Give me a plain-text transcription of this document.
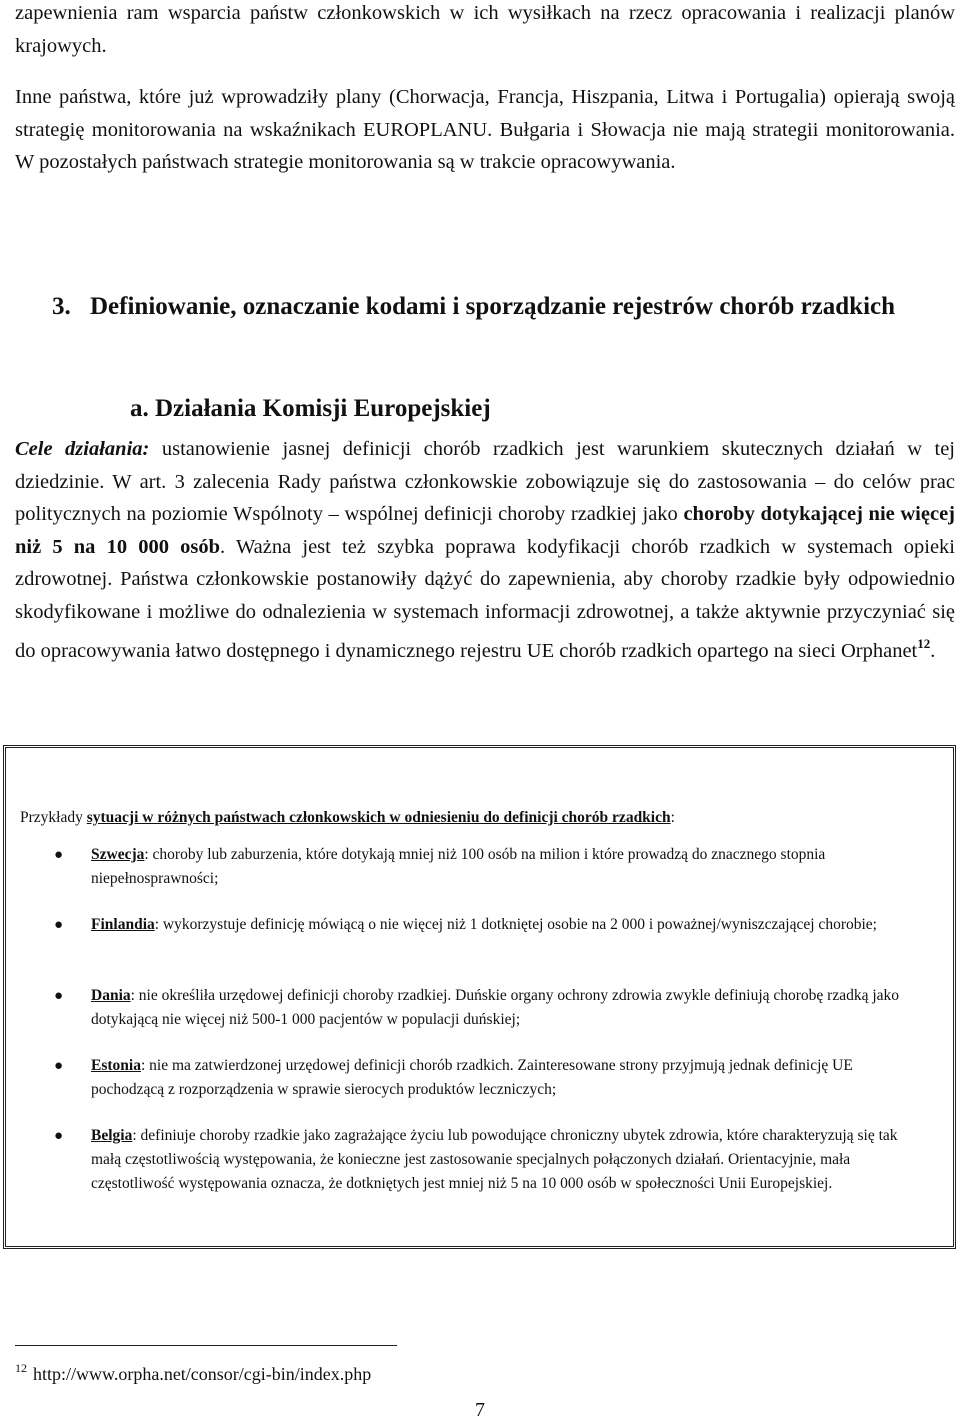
zapewnienia ram wsparcia państw członkowskich w ich wysiłkach na rzecz opracowania i realizacji planów krajowych.

Inne państwa, które już wprowadziły plany (Chorwacja, Francja, Hiszpania, Litwa i Portugalia) opierają swoją strategię monitorowania na wskaźnikach EUROPLANU. Bułgaria i Słowacja nie mają strategii monitorowania. W pozostałych państwach strategie monitorowania są w trakcie opracowywania.

3. Definiowanie, oznaczanie kodami i sporządzanie rejestrów chorób rzadkich
a. Działania Komisji Europejskiej

Cele działania: ustanowienie jasnej definicji chorób rzadkich jest warunkiem skutecznych działań w tej dziedzinie. W art. 3 zalecenia Rady państwa członkowskie zobowiązuje się do zastosowania – do celów prac politycznych na poziomie Wspólnoty – wspólnej definicji choroby rzadkiej jako choroby dotykającej nie więcej niż 5 na 10 000 osób. Ważna jest też szybka poprawa kodyfikacji chorób rzadkich w systemach opieki zdrowotnej. Państwa członkowskie postanowiły dążyć do zapewnienia, aby choroby rzadkie były odpowiednio skodyfikowane i możliwe do odnalezienia w systemach informacji zdrowotnej, a także aktywnie przyczyniać się do opracowywania łatwo dostępnego i dynamicznego rejestru UE chorób rzadkich opartego na sieci Orphanet$^{12}$.

Przykłady sytuacji w różnych państwach członkowskich w odniesieniu do definicji chorób rzadkich:
● Szwecja: choroby lub zaburzenia, które dotykają mniej niż 100 osób na milion i które prowadzą do znacznego stopnia niepełnosprawności;
● Finlandia: wykorzystuje definicję mówiącą o nie więcej niż 1 dotkniętej osobie na 2 000 i poważnej/wyniszczającej chorobie;
● Dania: nie określiła urzędowej definicji choroby rzadkiej. Duńskie organy ochrony zdrowia zwykle definiują chorobę rzadką jako dotykającą nie więcej niż 500-1 000 pacjentów w populacji duńskiej;
● Estonia: nie ma zatwierdzonej urzędowej definicji chorób rzadkich. Zainteresowane strony przyjmują jednak definicję UE pochodzącą z rozporządzenia w sprawie sierocych produktów leczniczych;
● Belgia: definiuje choroby rzadkie jako zagrażające życiu lub powodujące chroniczny ubytek zdrowia, które charakteryzują się tak małą częstotliwością występowania, że konieczne jest zastosowanie specjalnych połączonych działań. Orientacyjnie, mała częstotliwość występowania oznacza, że dotkniętych jest mniej niż 5 na 10 000 osób w społeczności Unii Europejskiej.
$^{12}$ http://www.orpha.net/consor/cgi-bin/index.php
7
